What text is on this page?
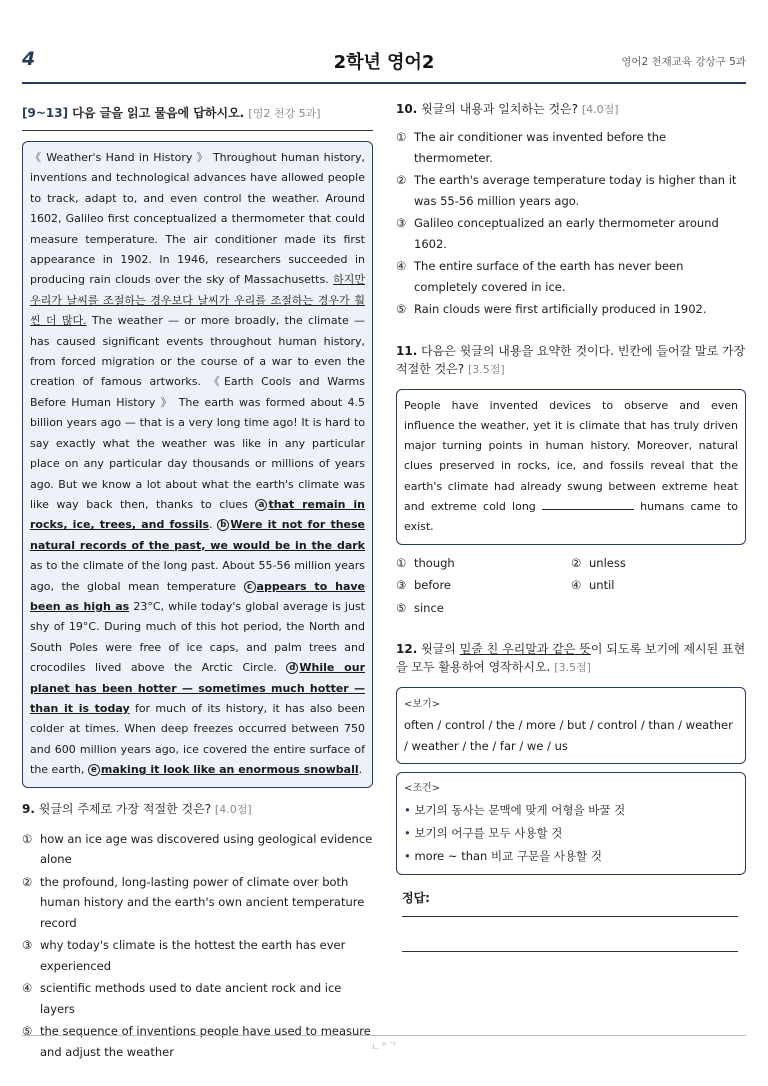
4	2학년 영어2	영어2 천재교육 강상구 5과
[9~13] 다음 글을 읽고 물음에 답하시오. [영2 천강 5과]
《 Weather's Hand in History 》 Throughout human history, inventions and technological advances have allowed people to track, adapt to, and even control the weather. Around 1602, Galileo first conceptualized a thermometer that could measure temperature. The air conditioner made its first appearance in 1902. In 1946, researchers succeeded in producing rain clouds over the sky of Massachusetts. 하지만 우리가 날씨를 조절하는 경우보다 날씨가 우리를 조절하는 경우가 훨씬 더 많다. The weather — or more broadly, the climate — has caused significant events throughout human history, from forced migration or the course of a war to even the creation of famous artworks. 《Earth Cools and Warms Before Human History 》 The earth was formed about 4.5 billion years ago — that is a very long time ago! It is hard to say exactly what the weather was like in any particular place on any particular day thousands or millions of years ago. But we know a lot about what the earth's climate was like way back then, thanks to clues a that remain in rocks, ice, trees, and fossils. b Were it not for these natural records of the past, we would be in the dark as to the climate of the long past. About 55-56 million years ago, the global mean temperature c appears to have been as high as 23°C, while today's global average is just shy of 19°C. During much of this hot period, the North and South Poles were free of ice caps, and palm trees and crocodiles lived above the Arctic Circle. d While our planet has been hotter — sometimes much hotter — than it is today for much of its history, it has also been colder at times. When deep freezes occurred between 750 and 600 million years ago, ice covered the entire surface of the earth, e making it look like an enormous snowball.
9. 윗글의 주제로 가장 적절한 것은? [4.0점]
① how an ice age was discovered using geological evidence alone
② the profound, long-lasting power of climate over both human history and the earth's own ancient temperature record
③ why today's climate is the hottest the earth has ever experienced
④ scientific methods used to date ancient rock and ice layers
⑤ the sequence of inventions people have used to measure and adjust the weather
10. 윗글의 내용과 일치하는 것은? [4.0점]
① The air conditioner was invented before the thermometer.
② The earth's average temperature today is higher than it was 55-56 million years ago.
③ Galileo conceptualized an early thermometer around 1602.
④ The entire surface of the earth has never been completely covered in ice.
⑤ Rain clouds were first artificially produced in 1902.
11. 다음은 윗글의 내용을 요약한 것이다. 빈칸에 들어갈 말로 가장 적절한 것은? [3.5점]
People have invented devices to observe and even influence the weather, yet it is climate that has truly driven major turning points in human history. Moreover, natural clues preserved in rocks, ice, and fossils reveal that the earth's climate had already swung between extreme heat and extreme cold long	humans came to exist.
① though	② unless
③ before	④ until
⑤ since
12. 윗글의 밑줄 친 우리말과 같은 뜻이 되도록 보기에 제시된 표현을 모두 활용하여 영작하시오. [3.5점]
<보기>
often / control / the / more / but / control / than / weather / weather / the / far / we / us
<조건>
• 보기의 동사는 문맥에 맞게 어형을 바꿀 것
• 보기의 어구를 모두 사용할 것
• more ~ than 비교 구문을 사용할 것
정답:
ㄴᄋᄀ
